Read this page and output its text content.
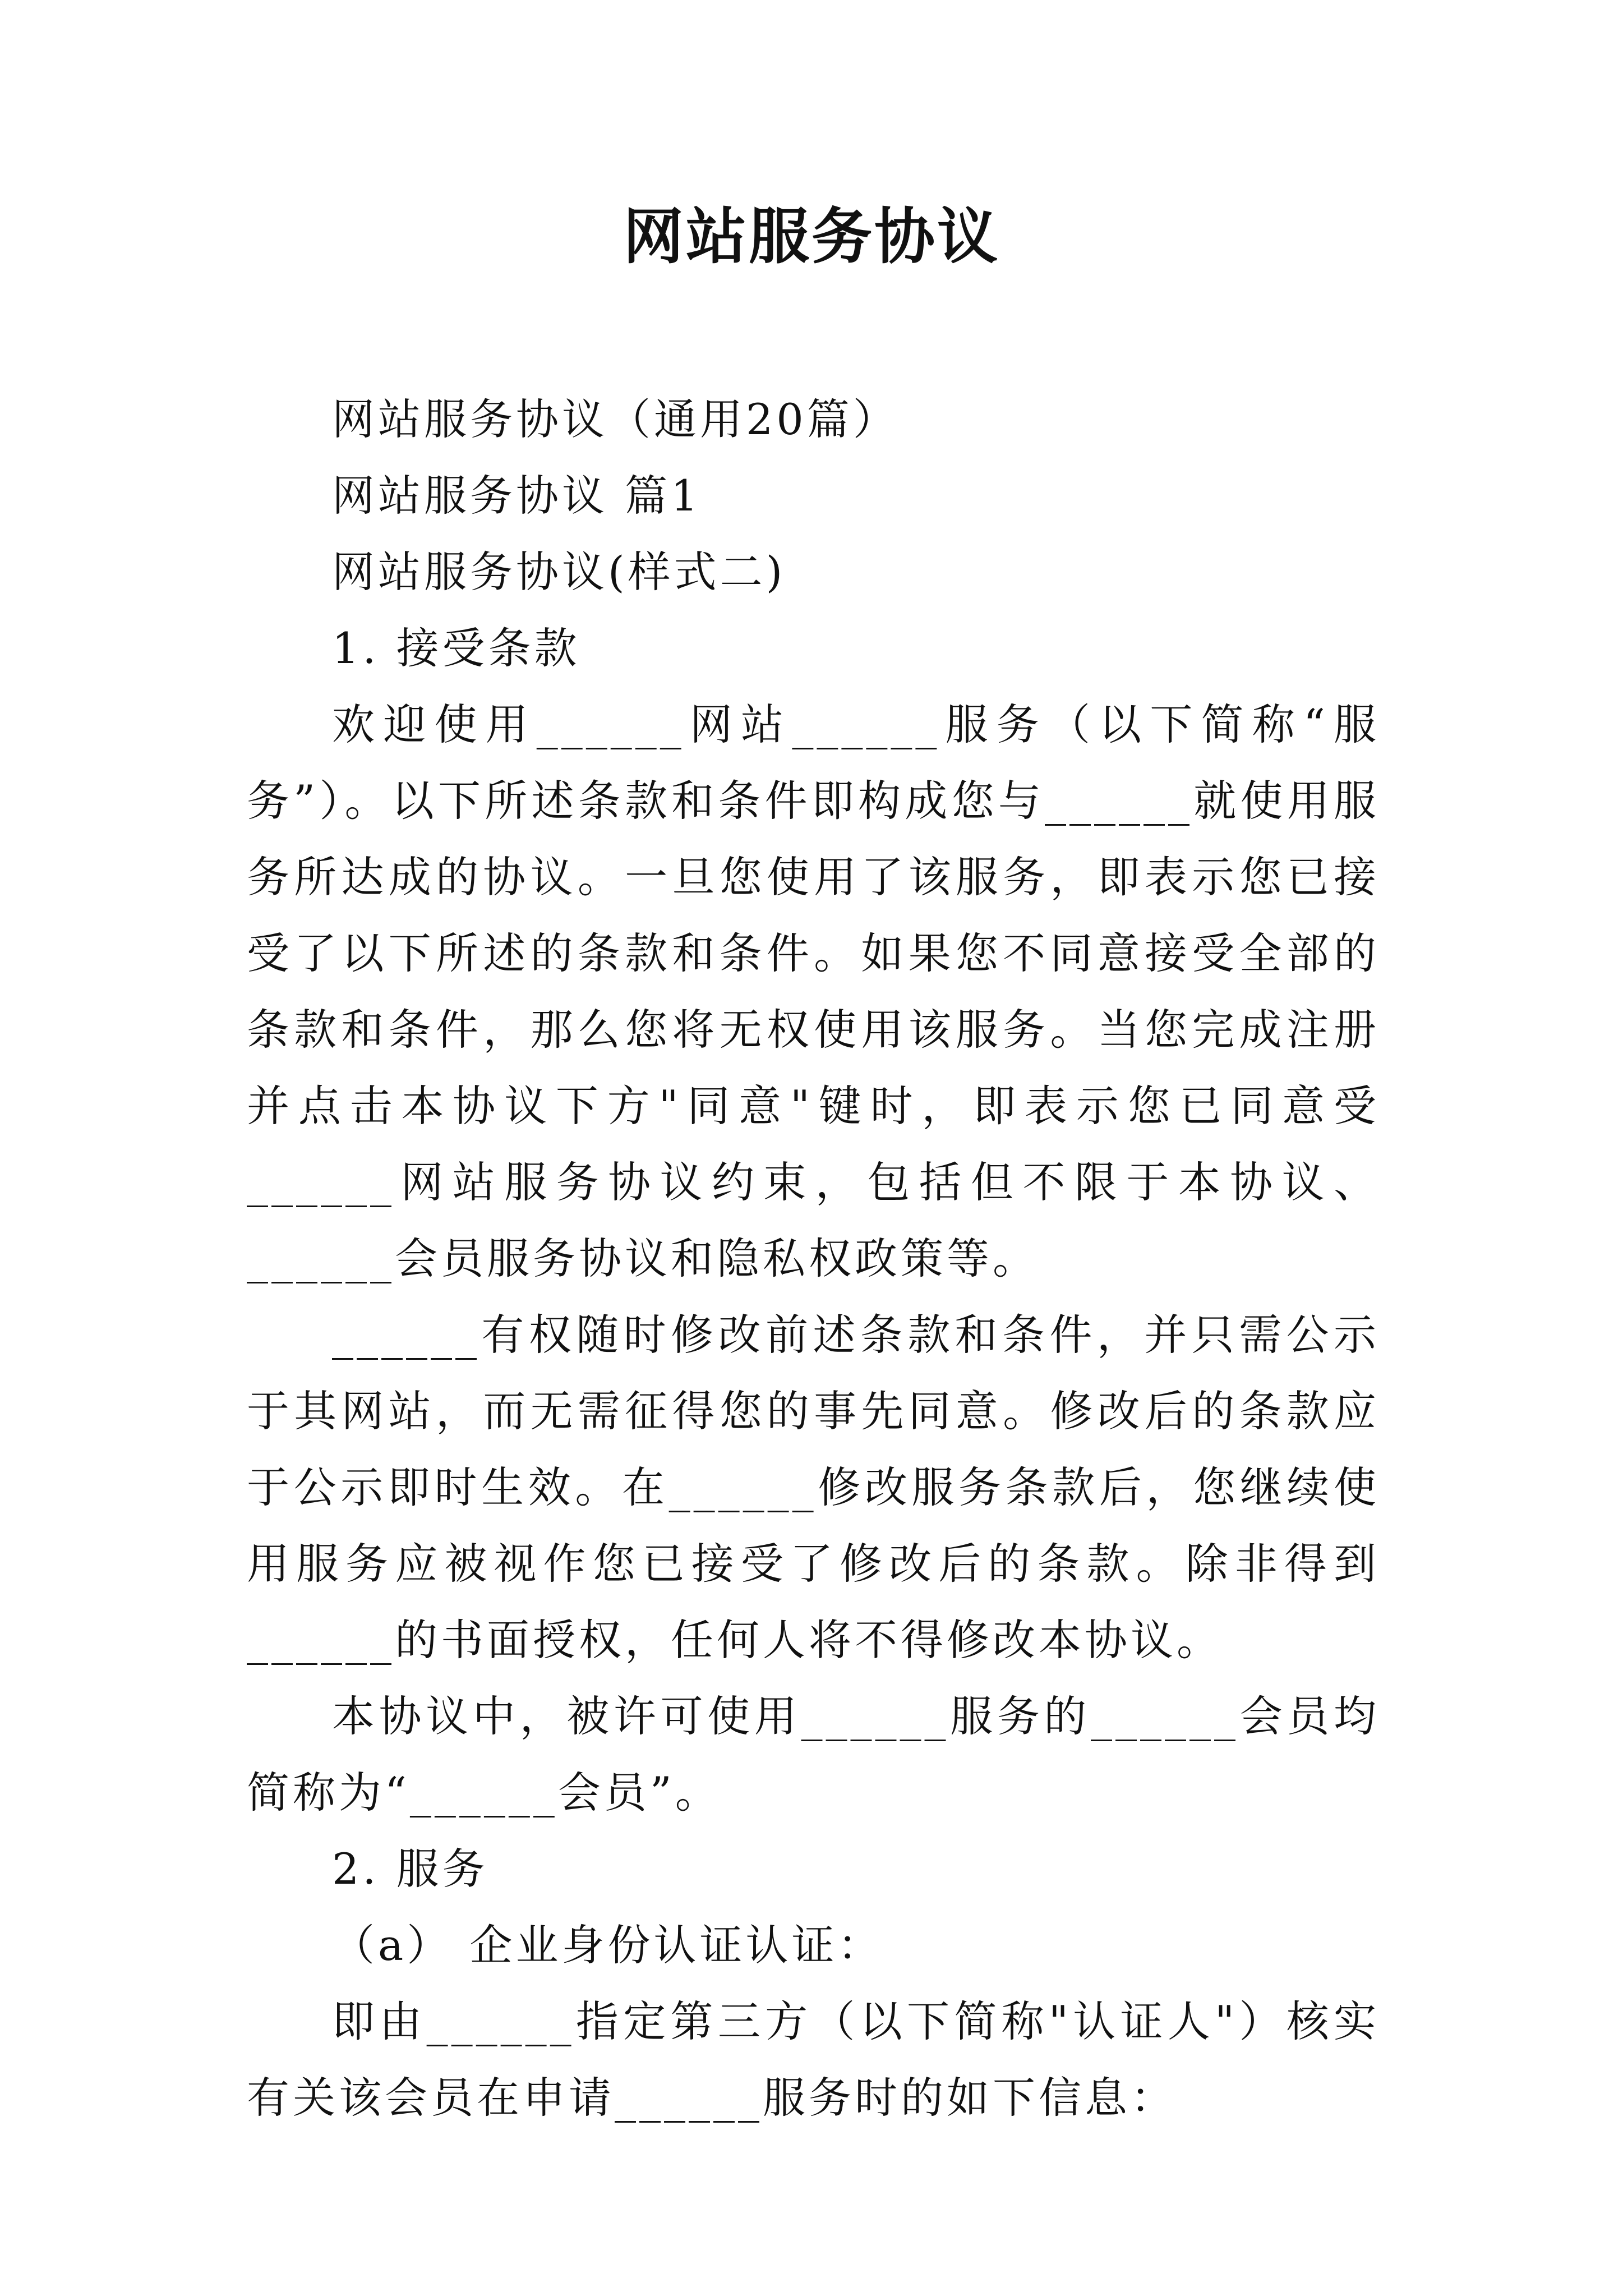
网站服务协议

网站服务协议（通用20篇）

网站服务协议 篇1

网站服务协议(样式二)

1. 接受条款

欢迎使用______网站______服务（以下简称“服务”）。以下所述条款和条件即构成您与______就使用服务所达成的协议。一旦您使用了该服务，即表示您已接受了以下所述的条款和条件。如果您不同意接受全部的条款和条件，那么您将无权使用该服务。当您完成注册并点击本协议下方"同意"键时，即表示您已同意受______网站服务协议约束，包括但不限于本协议、______会员服务协议和隐私权政策等。

______有权随时修改前述条款和条件，并只需公示于其网站，而无需征得您的事先同意。修改后的条款应于公示即时生效。在______修改服务条款后，您继续使用服务应被视作您已接受了修改后的条款。除非得到______的书面授权，任何人将不得修改本协议。

本协议中，被许可使用______服务的______会员均简称为“______会员”。

2. 服务

（a） 企业身份认证认证：

即由______指定第三方（以下简称"认证人"）核实有关该会员在申请______服务时的如下信息：
